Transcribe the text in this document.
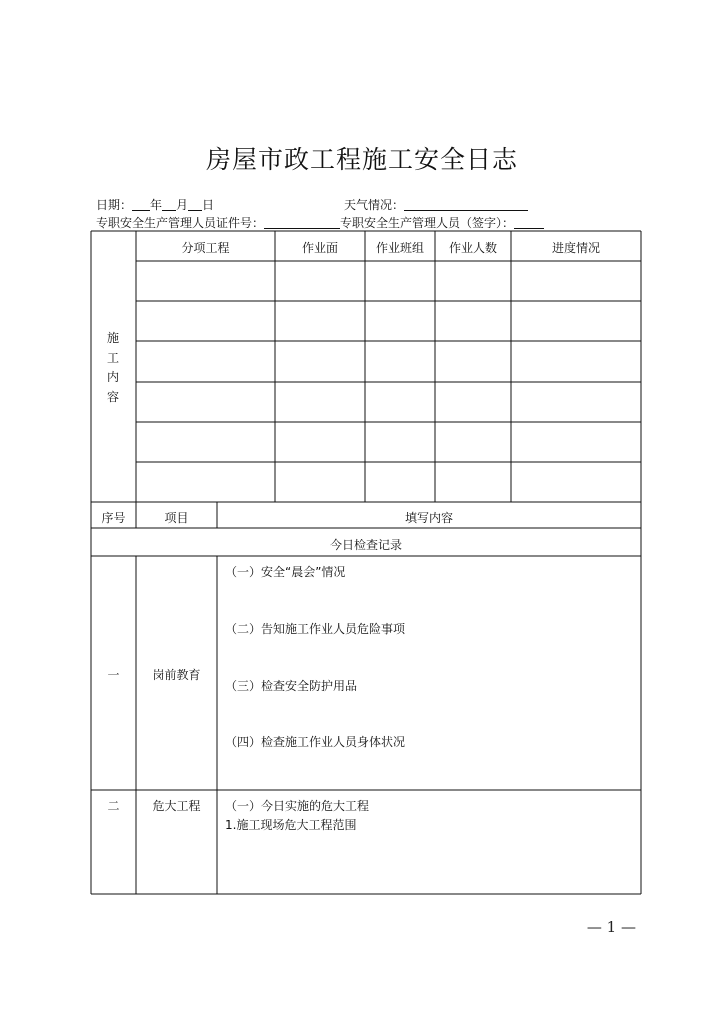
房屋市政工程施工安全日志
日期： 年 月 日	天气情况：
专职安全生产管理人员证件号：	专职安全生产管理人员（签字）：
施
工
内
容
分项工程	作业面	作业班组	作业人数	进度情况
序号	项目	填写内容
今日检查记录
一	岗前教育
（一）安全“晨会”情况
（二）告知施工作业人员危险事项
（三）检查安全防护用品
（四）检查施工作业人员身体状况
二	危大工程	（一）今日实施的危大工程
1.施工现场危大工程范围
— 1 —
